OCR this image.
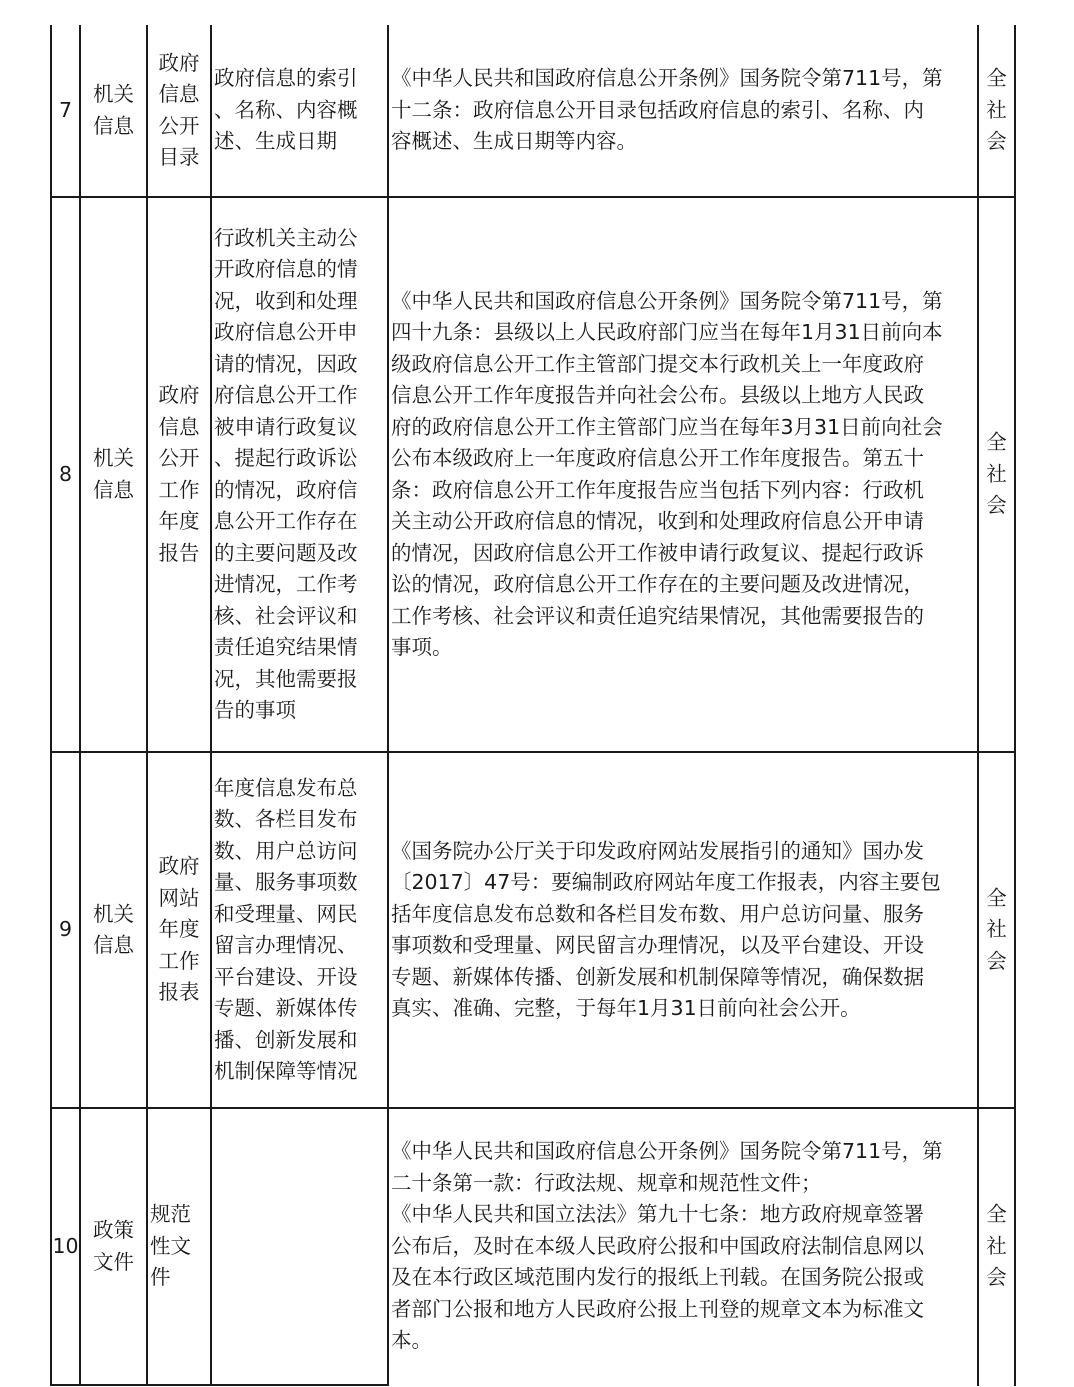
7
机关
信息
政府
信息
公开
目录
政府信息的索引
、名称、内容概
述、生成日期
《中华人民共和国政府信息公开条例》国务院令第711号，第
十二条：政府信息公开目录包括政府信息的索引、名称、内
容概述、生成日期等内容。
全
社
会
8
机关
信息
政府
信息
公开
工作
年度
报告
行政机关主动公
开政府信息的情
况，收到和处理
政府信息公开申
请的情况，因政
府信息公开工作
被申请行政复议
、提起行政诉讼
的情况，政府信
息公开工作存在
的主要问题及改
进情况，工作考
核、社会评议和
责任追究结果情
况，其他需要报
告的事项
《中华人民共和国政府信息公开条例》国务院令第711号，第
四十九条：县级以上人民政府部门应当在每年1月31日前向本
级政府信息公开工作主管部门提交本行政机关上一年度政府
信息公开工作年度报告并向社会公布。县级以上地方人民政
府的政府信息公开工作主管部门应当在每年3月31日前向社会
公布本级政府上一年度政府信息公开工作年度报告。第五十
条：政府信息公开工作年度报告应当包括下列内容：行政机
关主动公开政府信息的情况，收到和处理政府信息公开申请
的情况，因政府信息公开工作被申请行政复议、提起行政诉
讼的情况，政府信息公开工作存在的主要问题及改进情况，
工作考核、社会评议和责任追究结果情况，其他需要报告的
事项。
全
社
会
9
机关
信息
政府
网站
年度
工作
报表
年度信息发布总
数、各栏目发布
数、用户总访问
量、服务事项数
和受理量、网民
留言办理情况、
平台建设、开设
专题、新媒体传
播、创新发展和
机制保障等情况
《国务院办公厅关于印发政府网站发展指引的通知》国办发
〔2017〕47号：要编制政府网站年度工作报表，内容主要包
括年度信息发布总数和各栏目发布数、用户总访问量、服务
事项数和受理量、网民留言办理情况，以及平台建设、开设
专题、新媒体传播、创新发展和机制保障等情况，确保数据
真实、准确、完整，于每年1月31日前向社会公开。
全
社
会
10
政策
文件
规范
性文
件
《中华人民共和国政府信息公开条例》国务院令第711号，第
二十条第一款：行政法规、规章和规范性文件；
《中华人民共和国立法法》第九十七条：地方政府规章签署
公布后，及时在本级人民政府公报和中国政府法制信息网以
及在本行政区域范围内发行的报纸上刊载。在国务院公报或
者部门公报和地方人民政府公报上刊登的规章文本为标准文
本。
全
社
会
